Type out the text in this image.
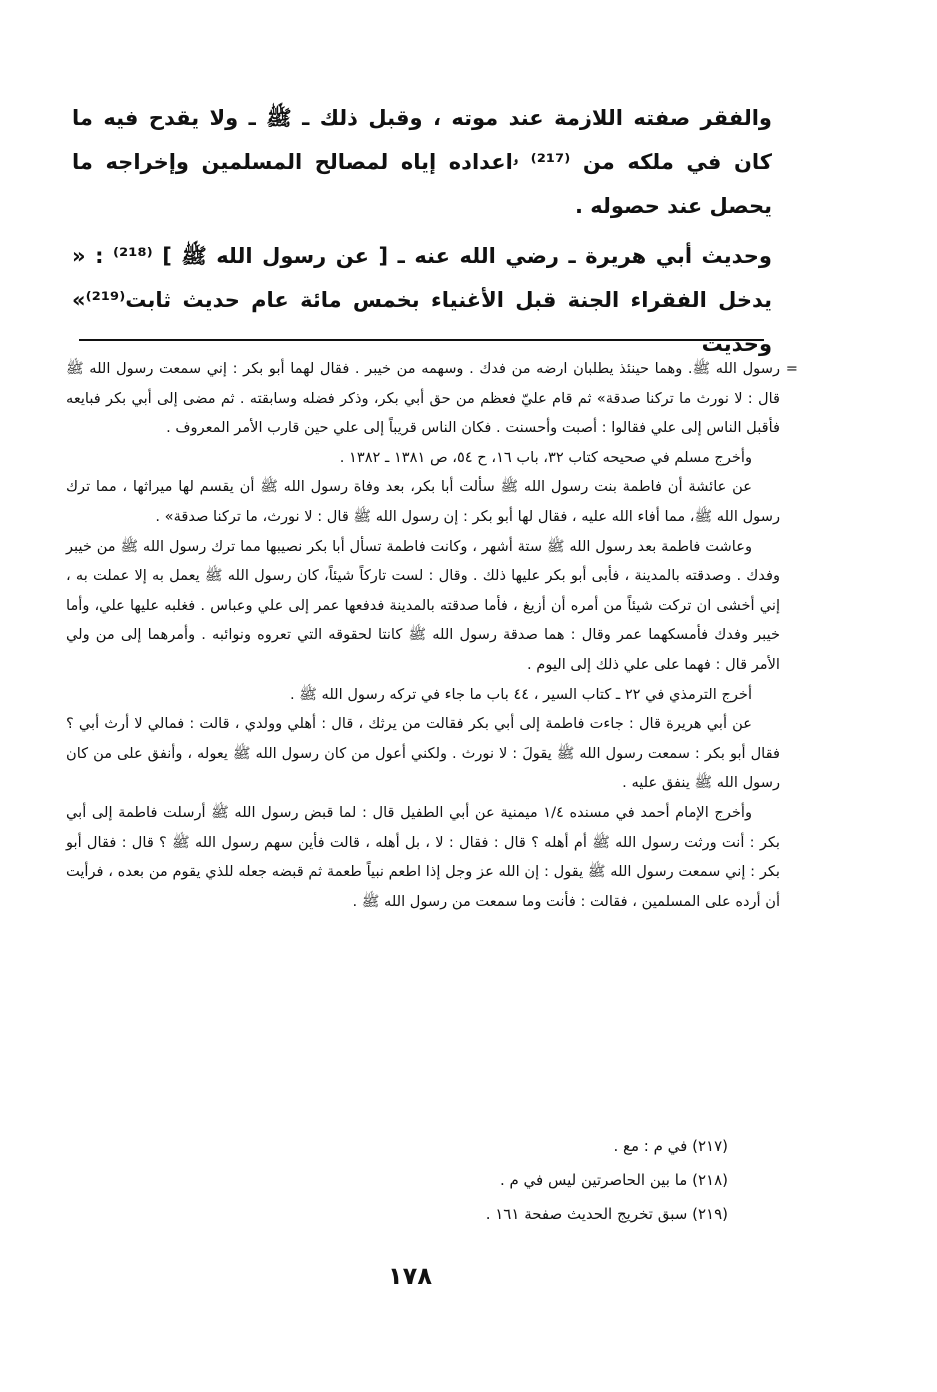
والفقر صفته اللازمة عند موته ، وقبل ذلك ـ ﷺ ـ ولا يقدح فيه ما كان في ملكه من ⁽²¹⁷⁾ ۥاعداده إياه لمصالح المسلمين وإخراجه ما يحصل عند حصوله .

وحديث أبي هريرة ـ رضي الله عنه ـ [ عن رسول الله ﷺ ] ⁽²¹⁸⁾ : « يدخل الفقراء الجنة قبل الأغنياء بخمس مائة عام حديث ثابت⁽²¹⁹⁾» وحديث

=
رسول الله ﷺ. وهما حينئذ يطلبان ارضه من فدك . وسهمه من خيبر . فقال لهما أبو بكر : إني سمعت رسول الله ﷺ قال : لا نورث ما تركنا صدقة» ثم قام عليّ فعظم من حق أبي بكر، وذكر فضله وسابقته . ثم مضى إلى أبي بكر فبايعه فأقبل الناس إلى علي فقالوا : أصبت وأحسنت . فكان الناس قريباً إلى علي حين قارب الأمر المعروف .

وأخرج مسلم في صحيحه كتاب ٣٢، باب ١٦، ح ٥٤، ص ١٣٨١ ـ ١٣٨٢ .

عن عائشة أن فاطمة بنت رسول الله ﷺ سألت أبا بكر، بعد وفاة رسول الله ﷺ أن يقسم لها ميراثها ، مما ترك رسول الله ﷺ، مما أفاء الله عليه ، فقال لها أبو بكر : إن رسول الله ﷺ قال : لا نورث، ما تركنا صدقة» .

وعاشت فاطمة بعد رسول الله ﷺ ستة أشهر ، وكانت فاطمة تسأل أبا بكر نصيبها مما ترك رسول الله ﷺ من خيبر وفدك . وصدقته بالمدينة ، فأبى أبو بكر عليها ذلك . وقال : لست تاركاً شيئاً، كان رسول الله ﷺ يعمل به إلا عملت به ، إني أخشى ان تركت شيئاً من أمره أن أزيغ ، فأما صدقته بالمدينة فدفعها عمر إلى علي وعباس . فغلبه عليها علي، وأما خيبر وفدك فأمسكهما عمر وقال : هما صدقة رسول الله ﷺ كانتا لحقوقه التي تعروه ونوائبه . وأمرهما إلى من ولي الأمر قال : فهما على علي ذلك إلى اليوم .

أخرج الترمذي في ٢٢ ـ كتاب السير ، ٤٤ باب ما جاء في تركه رسول الله ﷺ .

عن أبي هريرة قال : جاءت فاطمة إلى أبي بكر فقالت من يرثك ، قال : أهلي وولدي ، قالت : فمالي لا أرث أبي ؟ فقال أبو بكر : سمعت رسول الله ﷺ يقولَ : لا نورث . ولكني أعول من كان رسول الله ﷺ يعوله ، وأنفق على من كان رسول الله ﷺ ينفق عليه .

وأخرج الإمام أحمد في مسنده ١/٤ ميمنية عن أبي الطفيل قال : لما قبض رسول الله ﷺ أرسلت فاطمة إلى أبي بكر : أنت ورثت رسول الله ﷺ أم أهله ؟ قال : فقال : لا ، بل أهله ، قالت فأين سهم رسول الله ﷺ ؟ قال : فقال أبو بكر : إني سمعت رسول الله ﷺ يقول : إن الله عز وجل إذا اطعم نبياً طعمة ثم قبضه جعله للذي يقوم من بعده ، فرأيت أن أرده على المسلمين ، فقالت : فأنت وما سمعت من رسول الله ﷺ .

(٢١٧) في م : مع .
(٢١٨) ما بين الحاصرتين ليس في م .
(٢١٩) سبق تخريج الحديث صفحة ١٦١ .
١٧٨
